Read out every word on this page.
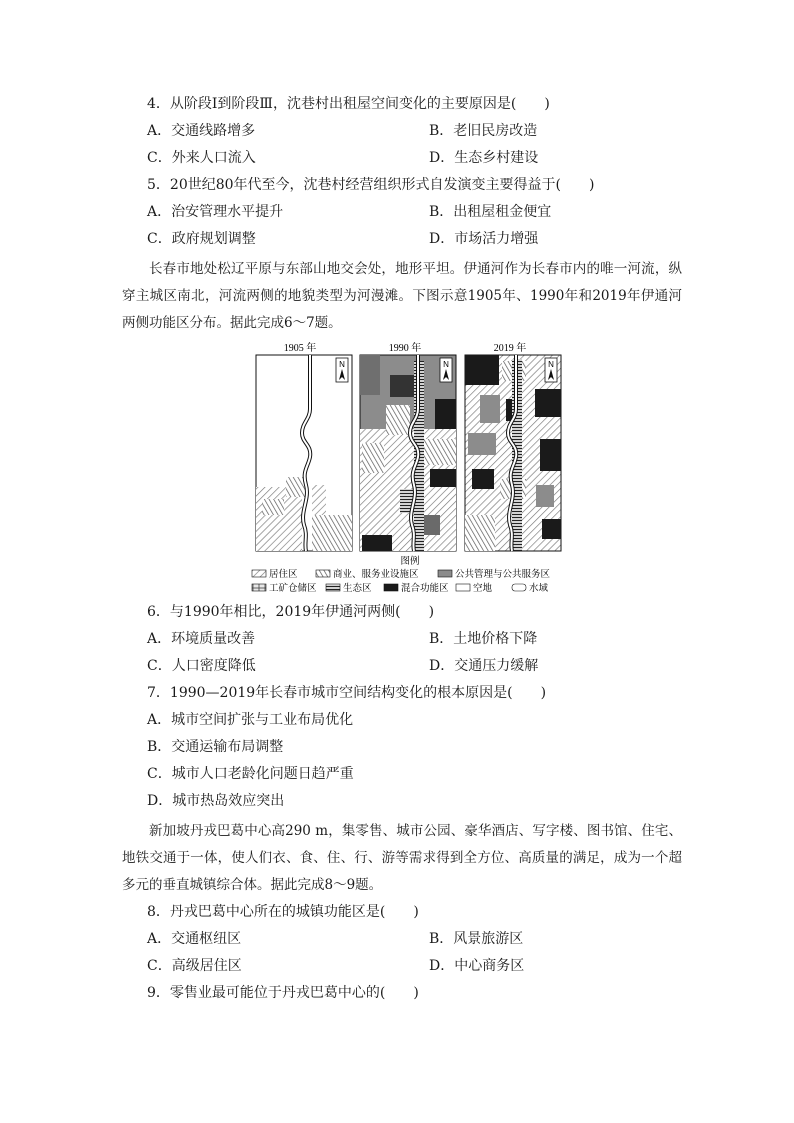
4．从阶段Ⅰ到阶段Ⅲ，沈巷村出租屋空间变化的主要原因是(　　)
A．交通线路增多	B．老旧民房改造
C．外来人口流入	D．生态乡村建设
5．20世纪80年代至今，沈巷村经营组织形式自发演变主要得益于(　　)
A．治安管理水平提升	B．出租屋租金便宜
C．政府规划调整	D．市场活力增强

长春市地处松辽平原与东部山地交会处，地形平坦。伊通河作为长春市内的唯一河流，纵穿主城区南北，河流两侧的地貌类型为河漫滩。下图示意1905年、1990年和2019年伊通河两侧功能区分布。据此完成6～7题。

1905 年	1990 年	2019 年
N	N	N
图例
居住区	商业、服务业设施区	公共管理与公共服务区
工矿仓储区	生态区	混合功能区	空地	水域
6．与1990年相比，2019年伊通河两侧(　　)
A．环境质量改善	B．土地价格下降
C．人口密度降低	D．交通压力缓解
7．1990—2019年长春市城市空间结构变化的根本原因是(　　)
A．城市空间扩张与工业布局优化
B．交通运输布局调整
C．城市人口老龄化问题日趋严重
D．城市热岛效应突出

新加坡丹戎巴葛中心高290 m，集零售、城市公园、豪华酒店、写字楼、图书馆、住宅、地铁交通于一体，使人们衣、食、住、行、游等需求得到全方位、高质量的满足，成为一个超多元的垂直城镇综合体。据此完成8～9题。

8．丹戎巴葛中心所在的城镇功能区是(　　)
A．交通枢纽区	B．风景旅游区
C．高级居住区	D．中心商务区
9．零售业最可能位于丹戎巴葛中心的(　　)
